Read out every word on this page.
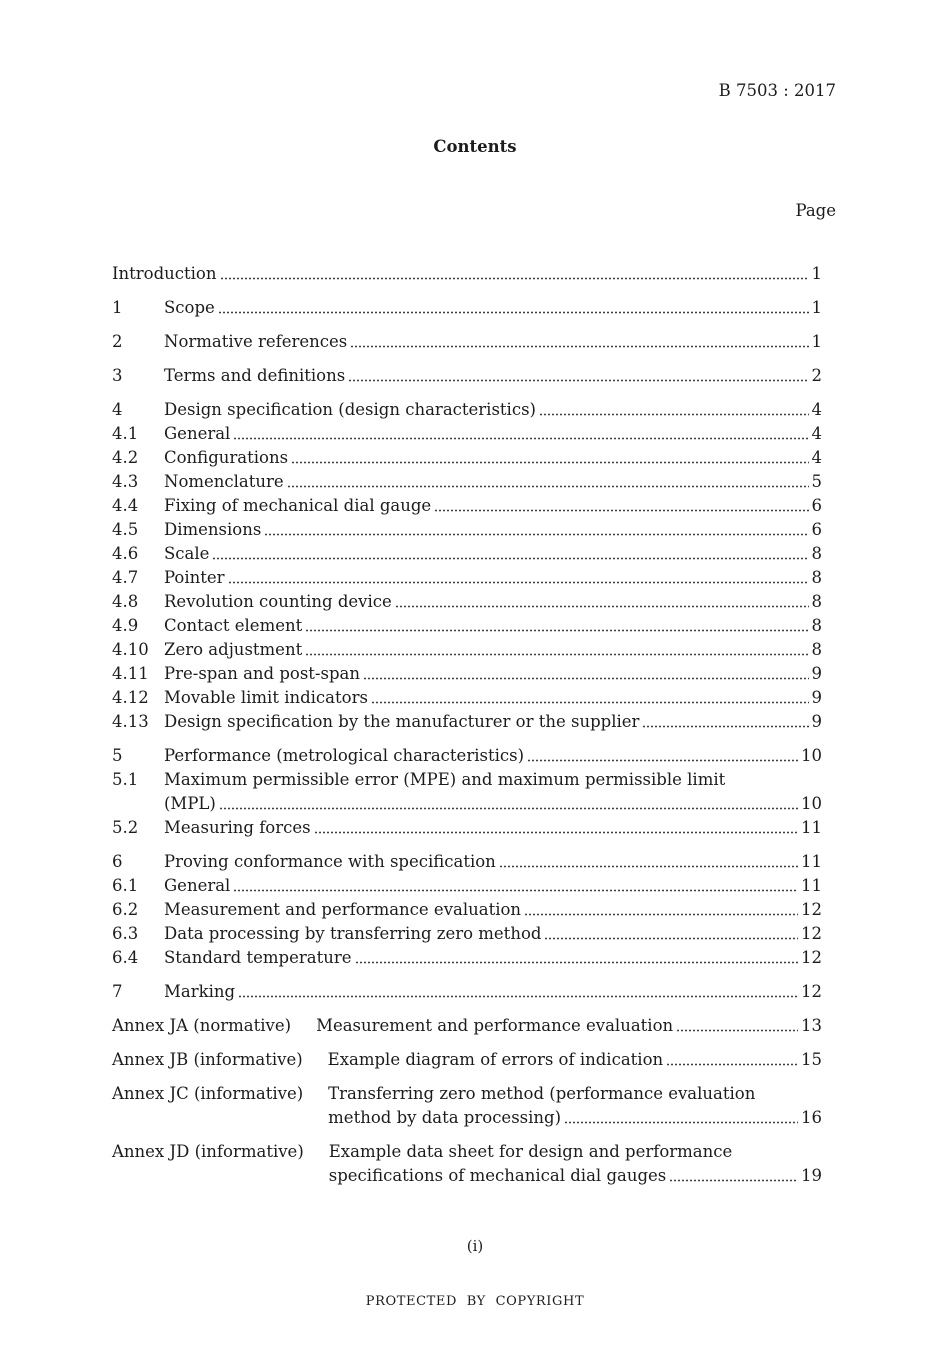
B 7503 : 2017
Contents
Page
Introduction	1
1	Scope	1
2	Normative references	1
3	Terms and definitions	2
4	Design specification (design characteristics)	4
4.1	General	4
4.2	Configurations	4
4.3	Nomenclature	5
4.4	Fixing of mechanical dial gauge	6
4.5	Dimensions	6
4.6	Scale	8
4.7	Pointer	8
4.8	Revolution counting device	8
4.9	Contact element	8
4.10 Zero adjustment	8
4.11 Pre-span and post-span	9
4.12 Movable limit indicators	9
4.13 Design specification by the manufacturer or the supplier	9
5	Performance (metrological characteristics)	10
5.1	Maximum permissible error (MPE) and maximum permissible limit
(MPL)	10
5.2	Measuring forces	11
6	Proving conformance with specification	11
6.1	General	11
6.2	Measurement and performance evaluation	12
6.3	Data processing by transferring zero method	12
6.4	Standard temperature	12
7	Marking	12
Annex JA (normative) Measurement and performance evaluation	13
Annex JB (informative) Example diagram of errors of indication	15
Annex JC (informative) Transferring zero method (performance evaluation
method by data processing)	16
Annex JD (informative) Example data sheet for design and performance
specifications of mechanical dial gauges	19
(i)
PROTECTED BY COPYRIGHT
